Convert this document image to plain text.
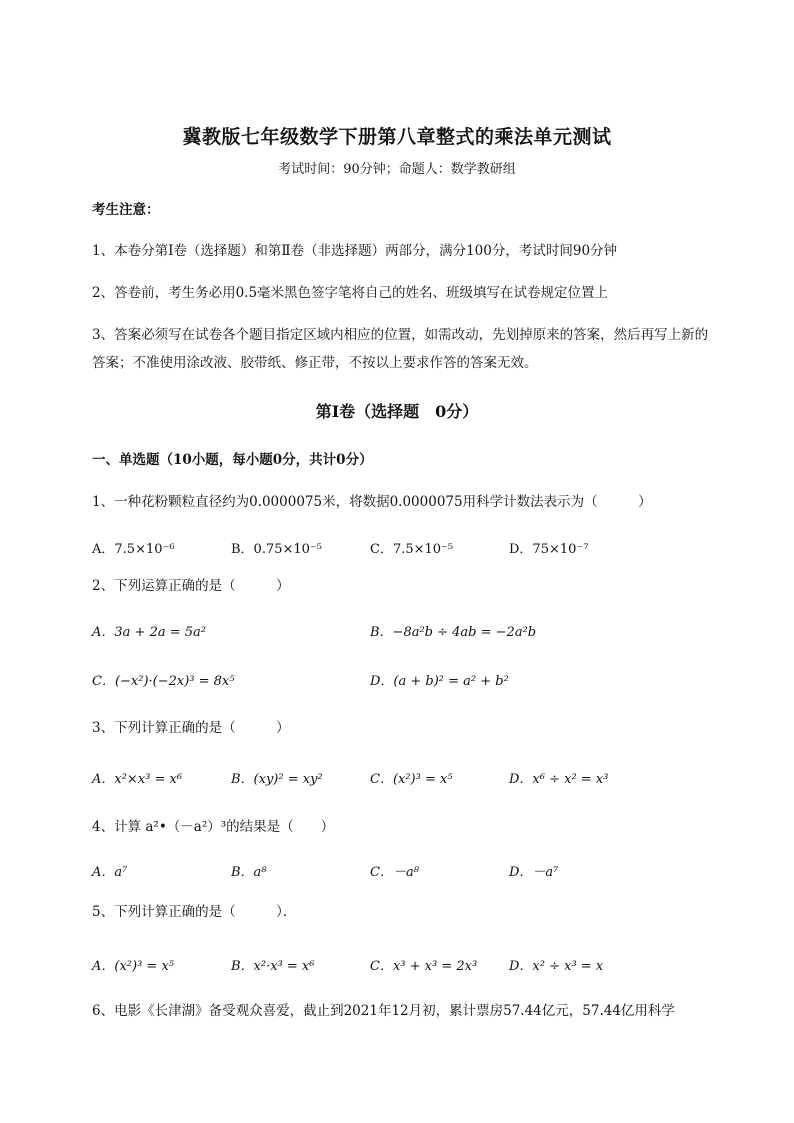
冀教版七年级数学下册第八章整式的乘法单元测试
考试时间：90分钟；命题人：数学教研组
考生注意：
1、本卷分第Ⅰ卷（选择题）和第Ⅱ卷（非选择题）两部分，满分100分，考试时间90分钟
2、答卷前，考生务必用0.5毫米黑色签字笔将自己的姓名、班级填写在试卷规定位置上
3、答案必须写在试卷各个题目指定区域内相应的位置，如需改动，先划掉原来的答案，然后再写上新的答案；不准使用涂改液、胶带纸、修正带，不按以上要求作答的答案无效。
第Ⅰ卷（选择题　0分）
一、单选题（10小题，每小题0分，共计0分）
1、一种花粉颗粒直径约为0.0000075米，将数据0.0000075用科学计数法表示为（　　　）
A．7.5×10⁻⁶	B．0.75×10⁻⁵	C．7.5×10⁻⁵	D．75×10⁻⁷
2、下列运算正确的是（　　　）
A．3a + 2a = 5a²	B．−8a²b ÷ 4ab = −2a²b
C．(−x²)·(−2x)³ = 8x⁵	D．(a + b)² = a² + b²
3、下列计算正确的是（　　　）
A．x²×x³ = x⁶	B．(xy)² = xy²	C．(x²)³ = x⁵	D．x⁶ ÷ x² = x³
4、计算 a²•（－a²）³的结果是（　　）
A．a⁷	B．a⁸	C．－a⁸	D．－a⁷
5、下列计算正确的是（　　　）．
A．(x²)³ = x⁵	B．x²·x³ = x⁶	C．x³ + x³ = 2x³ D．x² ÷ x³ = x
6、电影《长津湖》备受观众喜爱，截止到2021年12月初，累计票房57.44亿元，57.44亿用科学
